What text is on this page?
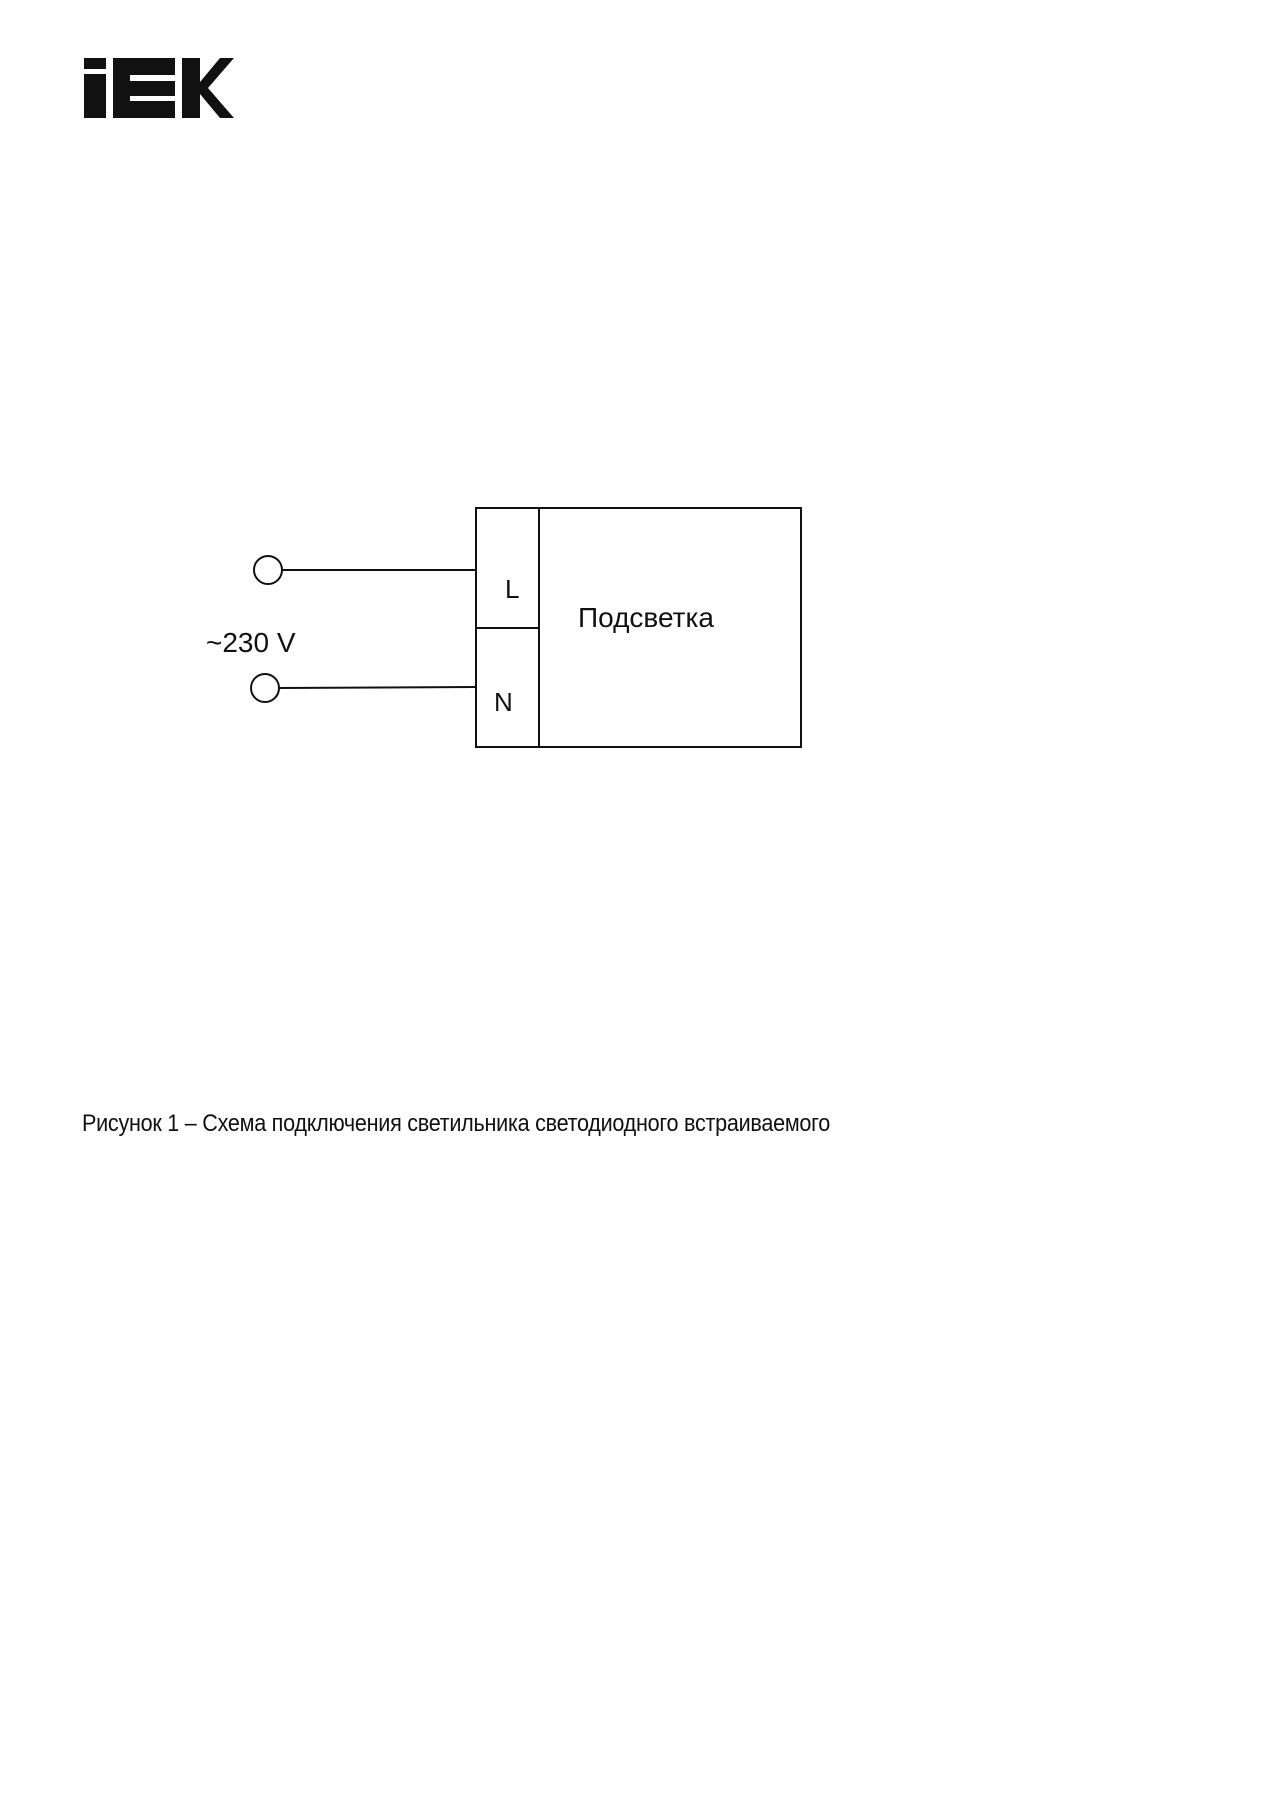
~230 V
L
N
Подсветка
Рисунок 1 – Схема подключения светильника светодиодного встраиваемого
